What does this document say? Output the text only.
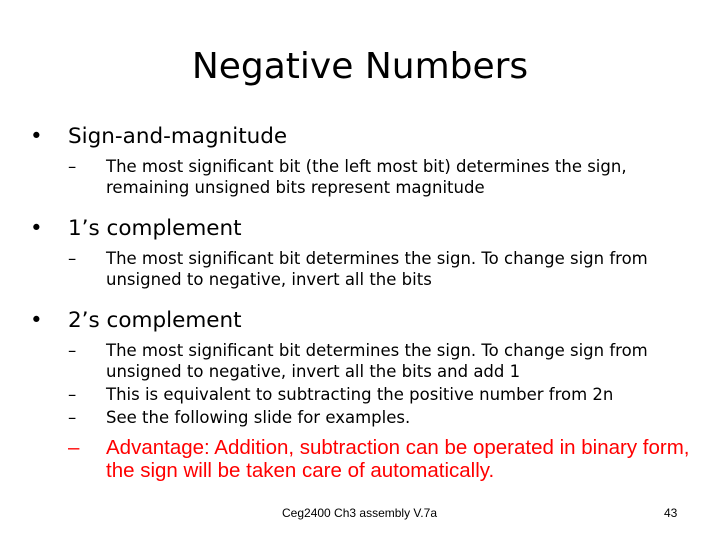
Negative Numbers
•	Sign-and-magnitude
– The most significant bit (the left most bit) determines the sign, remaining unsigned bits represent magnitude
•	1’s complement
– The most significant bit determines the sign. To change sign from unsigned to negative, invert all the bits
•	2’s complement
– The most significant bit determines the sign. To change sign from unsigned to negative, invert all the bits and add 1
– This is equivalent to subtracting the positive number from 2n
– See the following slide for examples.
– Advantage: Addition, subtraction can be operated in binary form, the sign will be taken care of automatically.
Ceg2400 Ch3 assembly V.7a	43
